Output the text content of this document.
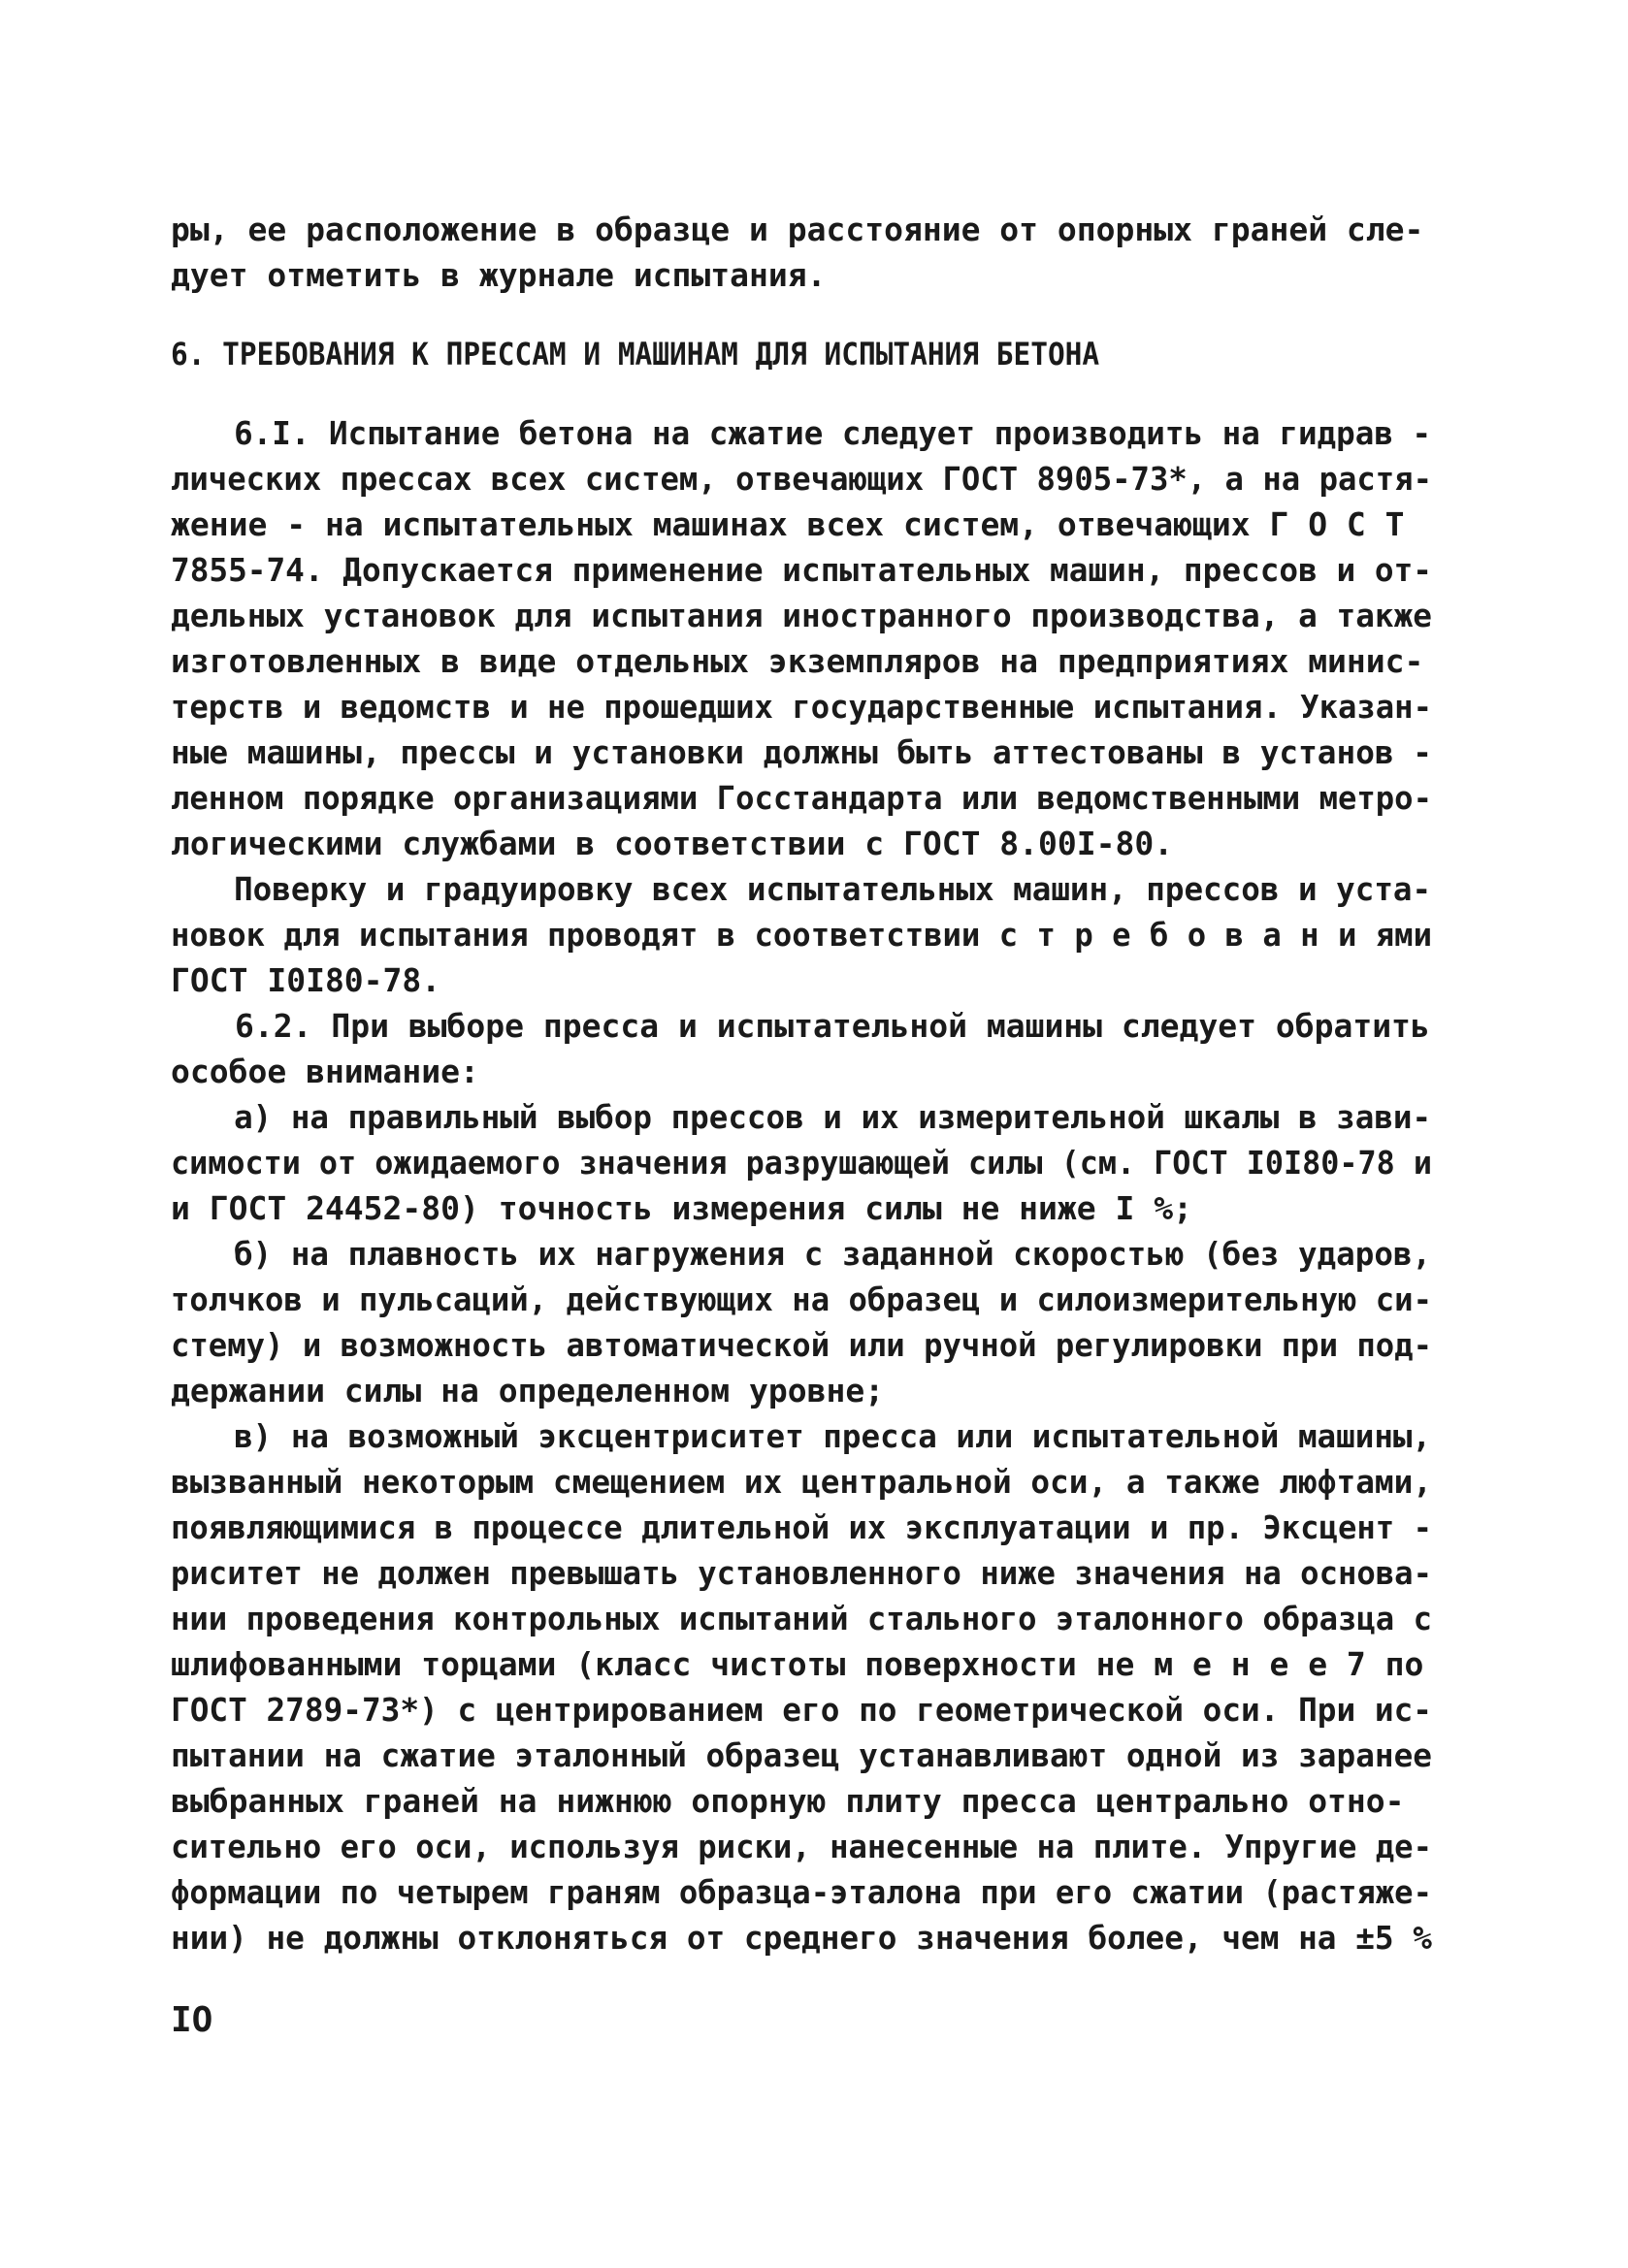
ры, ее расположение в образце и расстояние от опорных граней сле-
дует отметить в журнале испытания.
6. ТРЕБОВАНИЯ К ПРЕССАМ И МАШИНАМ ДЛЯ ИСПЫТАНИЯ БЕТОНА
6.I. Испытание бетона на сжатие следует производить на гидрав -
лических прессах всех систем, отвечающих ГОСТ 8905-73*, а на растя-
жение - на испытательных машинах всех систем, отвечающих Г О С Т
7855-74. Допускается применение испытательных машин, прессов и от-
дельных установок для испытания иностранного производства, а также
изготовленных в виде отдельных экземпляров на предприятиях минис-
терств и ведомств и не прошедших государственные испытания. Указан-
ные машины, прессы и установки должны быть аттестованы в установ -
ленном порядке организациями Госстандарта или ведомственными метро-
логическими службами в соответствии с ГОСТ 8.00I-80.
Поверку и градуировку всех испытательных машин, прессов и уста-
новок для испытания проводят в соответствии с т р е б о в а н и ями
ГОСТ I0I80-78.
6.2. При выборе пресса и испытательной машины следует обратить
особое внимание:
а) на правильный выбор прессов и их измерительной шкалы в зави-
симости от ожидаемого значения разрушающей силы (см. ГОСТ I0I80-78 и
и ГОСТ 24452-80) точность измерения силы не ниже I %;
б) на плавность их нагружения с заданной скоростью (без ударов,
толчков и пульсаций, действующих на образец и силоизмерительную си-
стему) и возможность автоматической или ручной регулировки при под-
держании силы на определенном уровне;
в) на возможный эксцентриситет пресса или испытательной машины,
вызванный некоторым смещением их центральной оси, а также люфтами,
появляющимися в процессе длительной их эксплуатации и пр. Эксцент -
риситет не должен превышать установленного ниже значения на основа-
нии проведения контрольных испытаний стального эталонного образца с
шлифованными торцами (класс чистоты поверхности не м е н е е 7 по
ГОСТ 2789-73*) с центрированием его по геометрической оси. При ис-
пытании на сжатие эталонный образец устанавливают одной из заранее
выбранных граней на нижнюю опорную плиту пресса центрально отно-
сительно его оси, используя риски, нанесенные на плите. Упругие де-
формации по четырем граням образца-эталона при его сжатии (растяже-
нии) не должны отклоняться от среднего значения более, чем на ±5 %
IO
